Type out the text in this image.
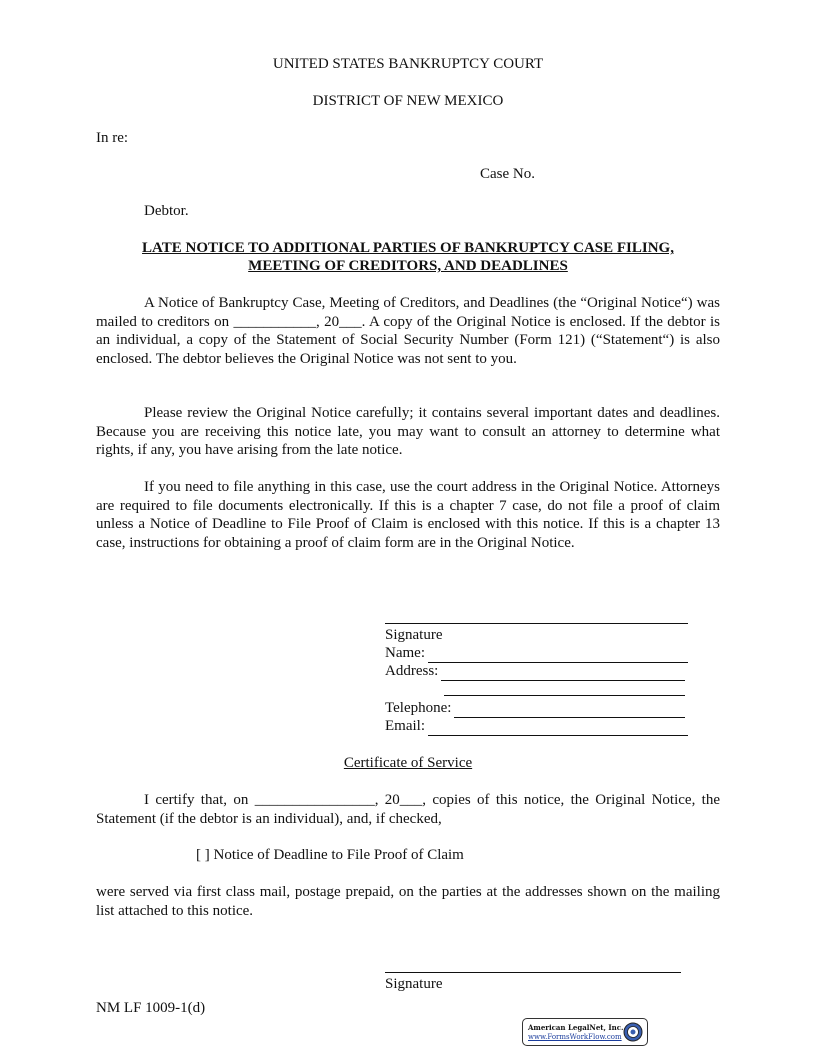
UNITED STATES BANKRUPTCY COURT
DISTRICT OF NEW MEXICO
In re:
Case No.
Debtor.
LATE NOTICE TO ADDITIONAL PARTIES OF BANKRUPTCY CASE FILING,
MEETING OF CREDITORS, AND DEADLINES
A Notice of Bankruptcy Case, Meeting of Creditors, and Deadlines (the “Original Notice“) was mailed to creditors on ___________, 20___. A copy of the Original Notice is enclosed. If the debtor is an individual, a copy of the Statement of Social Security Number (Form 121) (“Statement“) is also enclosed. The debtor believes the Original Notice was not sent to you.
Please review the Original Notice carefully; it contains several important dates and deadlines. Because you are receiving this notice late, you may want to consult an attorney to determine what rights, if any, you have arising from the late notice.
If you need to file anything in this case, use the court address in the Original Notice. Attorneys are required to file documents electronically. If this is a chapter 7 case, do not file a proof of claim unless a Notice of Deadline to File Proof of Claim is enclosed with this notice. If this is a chapter 13 case, instructions for obtaining a proof of claim form are in the Original Notice.
Signature
Name:
Address:
Telephone:
Email:
Certificate of Service
I certify that, on ________________, 20___, copies of this notice, the Original Notice, the Statement (if the debtor is an individual), and, if checked,
[ ] Notice of Deadline to File Proof of Claim
were served via first class mail, postage prepaid, on the parties at the addresses shown on the mailing list attached to this notice.
Signature
NM LF 1009-1(d)
American LegalNet, Inc.
www.FormsWorkFlow.com
